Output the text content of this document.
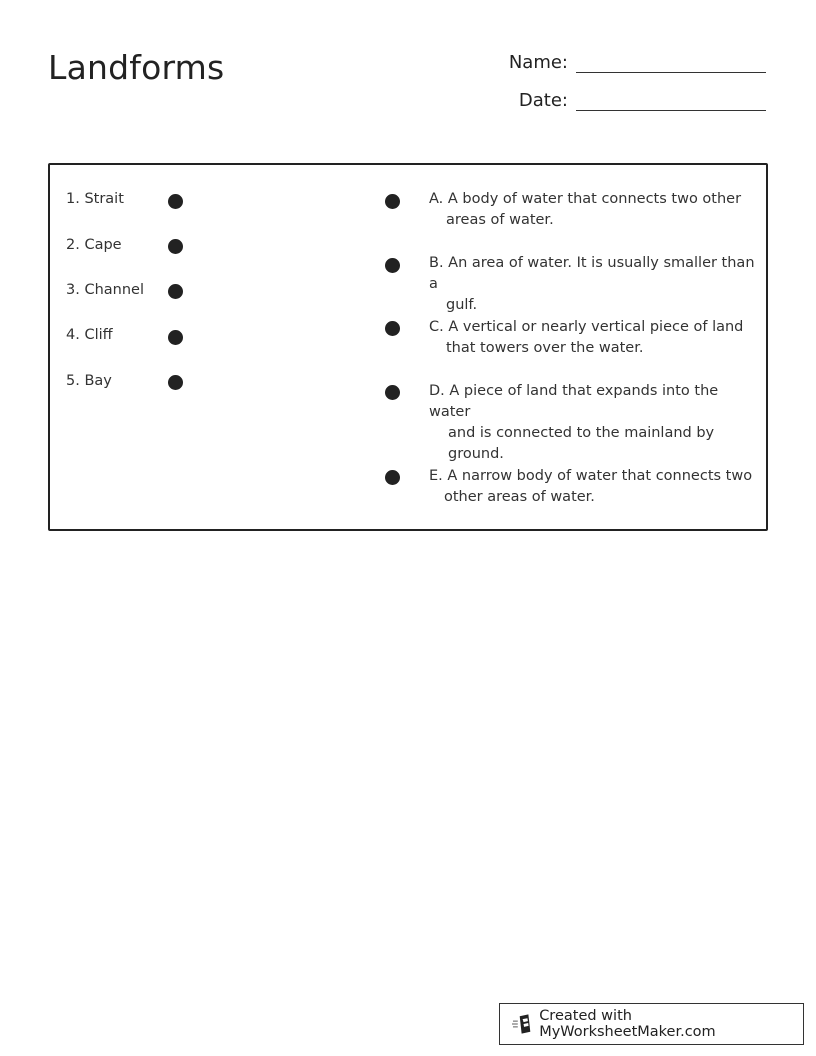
Landforms	Name:
Date:
1. Strait
2. Cape
3. Channel
4. Cliff
5. Bay
A. A body of water that connects two other
areas of water.
B. An area of water. It is usually smaller than a
gulf.
C. A vertical or nearly vertical piece of land
that towers over the water.
D. A piece of land that expands into the water
and is connected to the mainland by
ground.
E. A narrow body of water that connects two
other areas of water.
Created with MyWorksheetMaker.com
